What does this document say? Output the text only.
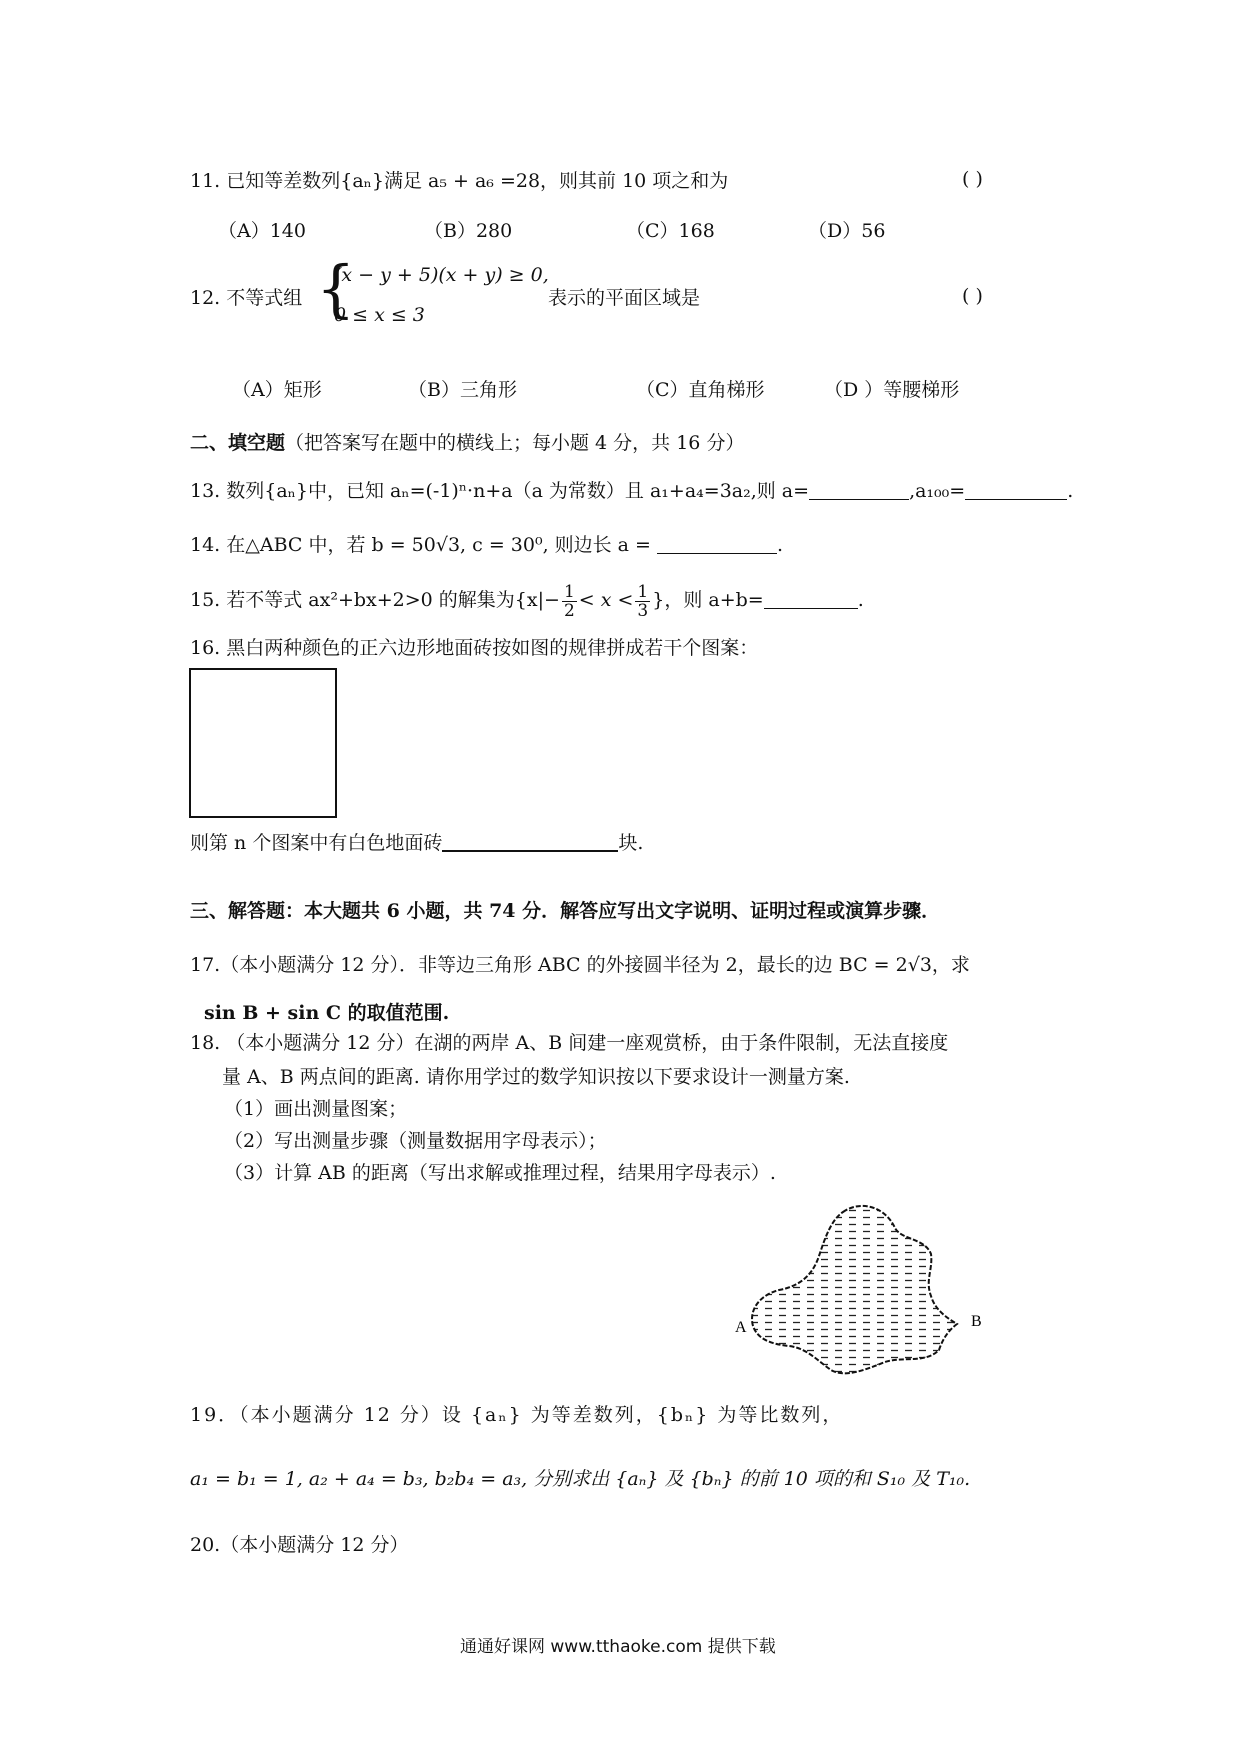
11. 已知等差数列{aₙ}满足 a₅ + a₆ =28，则其前 10 项之和为	( )
（A）140	（B）280	（C）168	（D）56
12. 不等式组 {
(x − y + 5)(x + y) ≥ 0,
0 ≤ x ≤ 3
表示的平面区域是	( )
（A）矩形	（B）三角形	（C）直角梯形	（D ）等腰梯形
二、填空题（把答案写在题中的横线上；每小题 4 分，共 16 分）
13. 数列{aₙ}中，已知 aₙ=(-1)ⁿ·n+a（a 为常数）且 a₁+a₄=3a₂,则 a=	,a₁₀₀=	.
14. 在△ABC 中，若 b = 50√3, c = 30⁰, 则边长 a =	.
15. 若不等式 ax²+bx+2>0 的解集为{$x|- \frac{1}{2} < x < \frac{1}{3}$ }，则 a+b=	.
16. 黑白两种颜色的正六边形地面砖按如图的规律拼成若干个图案：
则第 n 个图案中有白色地面砖	块.
三、解答题：本大题共 6 小题，共 74 分．解答应写出文字说明、证明过程或演算步骤．
17.（本小题满分 12 分）．非等边三角形 ABC 的外接圆半径为 2，最长的边 BC = 2√3，求
sin B + sin C 的取值范围.
18. （本小题满分 12 分）在湖的两岸 A、B 间建一座观赏桥，由于条件限制，无法直接度
量 A、B 两点间的距离. 请你用学过的数学知识按以下要求设计一测量方案.
（1）画出测量图案；
（2）写出测量步骤（测量数据用字母表示）；
（3）计算 AB 的距离（写出求解或推理过程，结果用字母表示）.
A	B
19．（本小题满分 12 分）设 {aₙ} 为等差数列，{bₙ} 为等比数列，
a₁ = b₁ = 1, a₂ + a₄ = b₃, b₂b₄ = a₃, 分别求出 {aₙ} 及 {bₙ} 的前 10 项的和 S₁₀ 及 T₁₀.
20.（本小题满分 12 分）
通通好课网 www.tthaoke.com 提供下载
